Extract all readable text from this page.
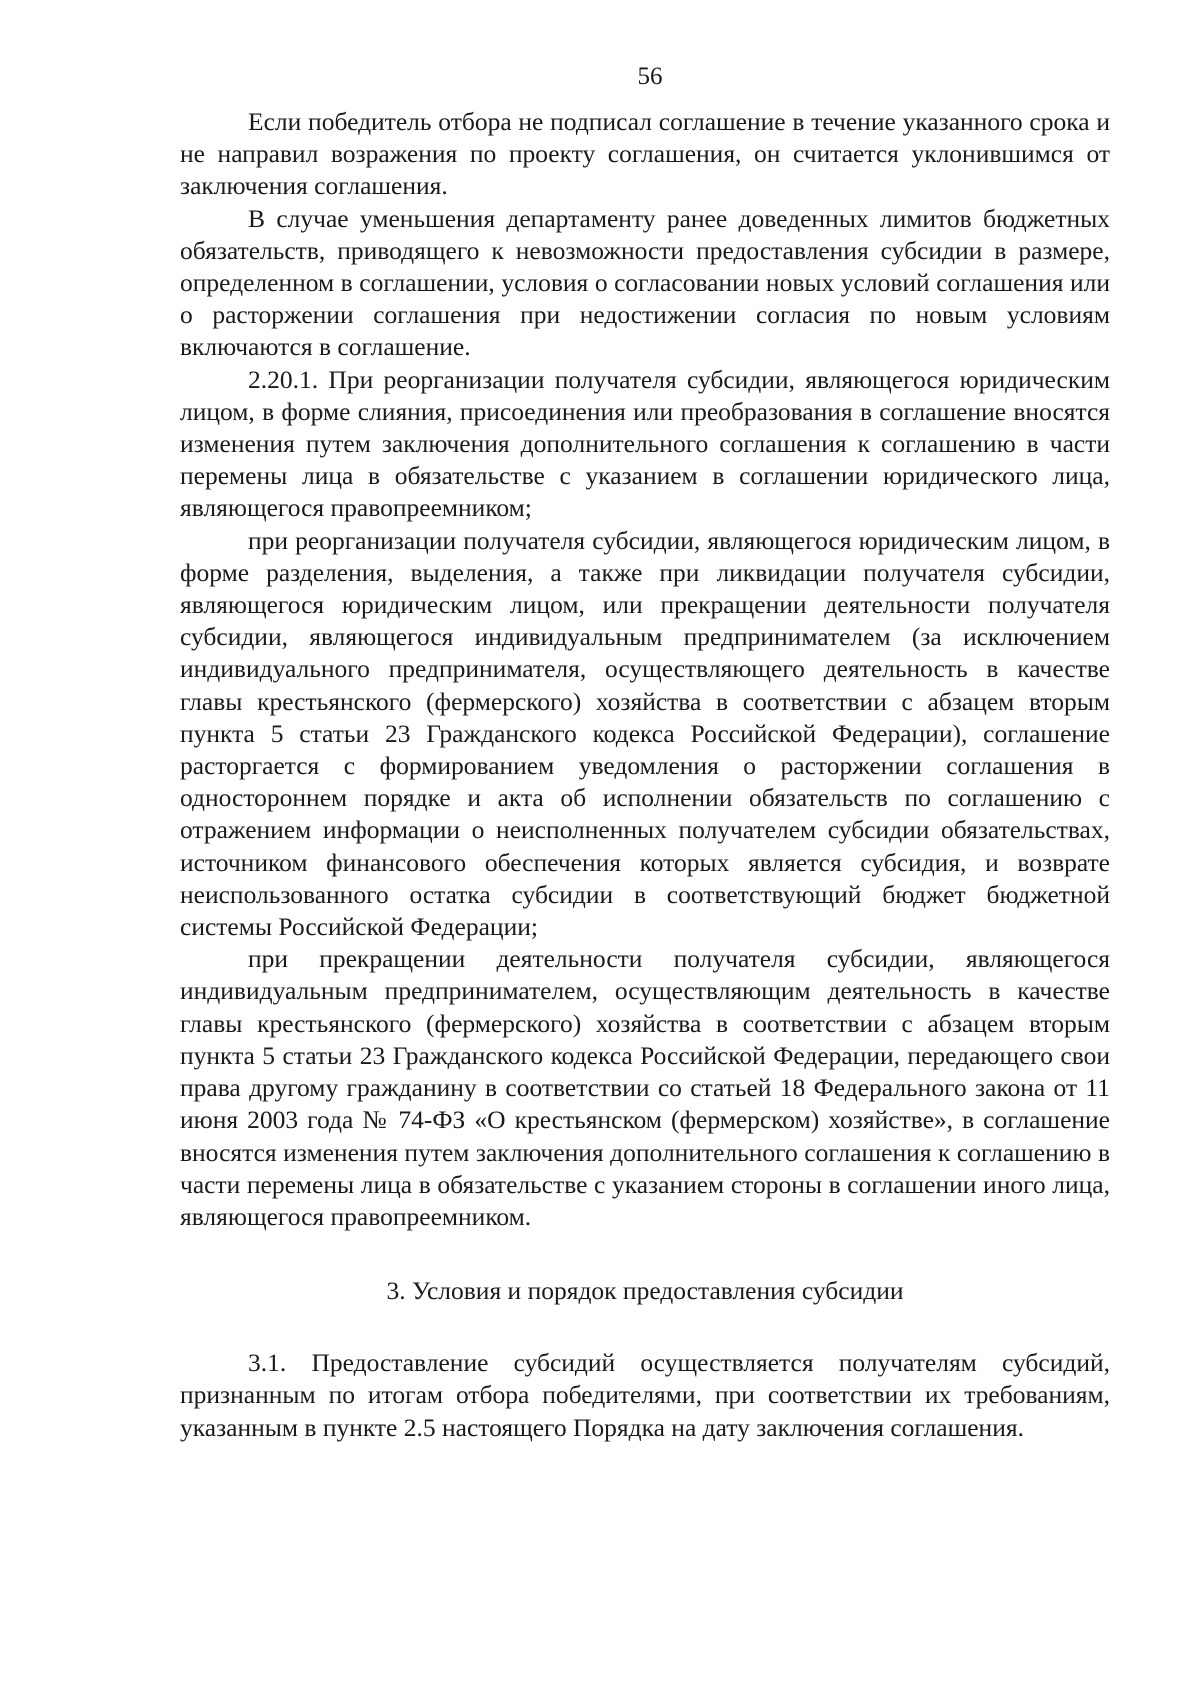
56

Если победитель отбора не подписал соглашение в течение указанного срока и не направил возражения по проекту соглашения, он считается уклонившимся от заключения соглашения.

В случае уменьшения департаменту ранее доведенных лимитов бюджетных обязательств, приводящего к невозможности предоставления субсидии в размере, определенном в соглашении, условия о согласовании новых условий соглашения или о расторжении соглашения при недостижении согласия по новым условиям включаются в соглашение.

2.20.1. При реорганизации получателя субсидии, являющегося юридическим лицом, в форме слияния, присоединения или преобразования в соглашение вносятся изменения путем заключения дополнительного соглашения к соглашению в части перемены лица в обязательстве с указанием в соглашении юридического лица, являющегося правопреемником;

при реорганизации получателя субсидии, являющегося юридическим лицом, в форме разделения, выделения, а также при ликвидации получателя субсидии, являющегося юридическим лицом, или прекращении деятельности получателя субсидии, являющегося индивидуальным предпринимателем (за исключением индивидуального предпринимателя, осуществляющего деятельность в качестве главы крестьянского (фермерского) хозяйства в соответствии с абзацем вторым пункта 5 статьи 23 Гражданского кодекса Российской Федерации), соглашение расторгается с формированием уведомления о расторжении соглашения в одностороннем порядке и акта об исполнении обязательств по соглашению с отражением информации о неисполненных получателем субсидии обязательствах, источником финансового обеспечения которых является субсидия, и возврате неиспользованного остатка субсидии в соответствующий бюджет бюджетной системы Российской Федерации;

при прекращении деятельности получателя субсидии, являющегося индивидуальным предпринимателем, осуществляющим деятельность в качестве главы крестьянского (фермерского) хозяйства в соответствии с абзацем вторым пункта 5 статьи 23 Гражданского кодекса Российской Федерации, передающего свои права другому гражданину в соответствии со статьей 18 Федерального закона от 11 июня 2003 года № 74-ФЗ «О крестьянском (фермерском) хозяйстве», в соглашение вносятся изменения путем заключения дополнительного соглашения к соглашению в части перемены лица в обязательстве с указанием стороны в соглашении иного лица, являющегося правопреемником.

3. Условия и порядок предоставления субсидии

3.1. Предоставление субсидий осуществляется получателям субсидий, признанным по итогам отбора победителями, при соответствии их требованиям, указанным в пункте 2.5 настоящего Порядка на дату заключения соглашения.
